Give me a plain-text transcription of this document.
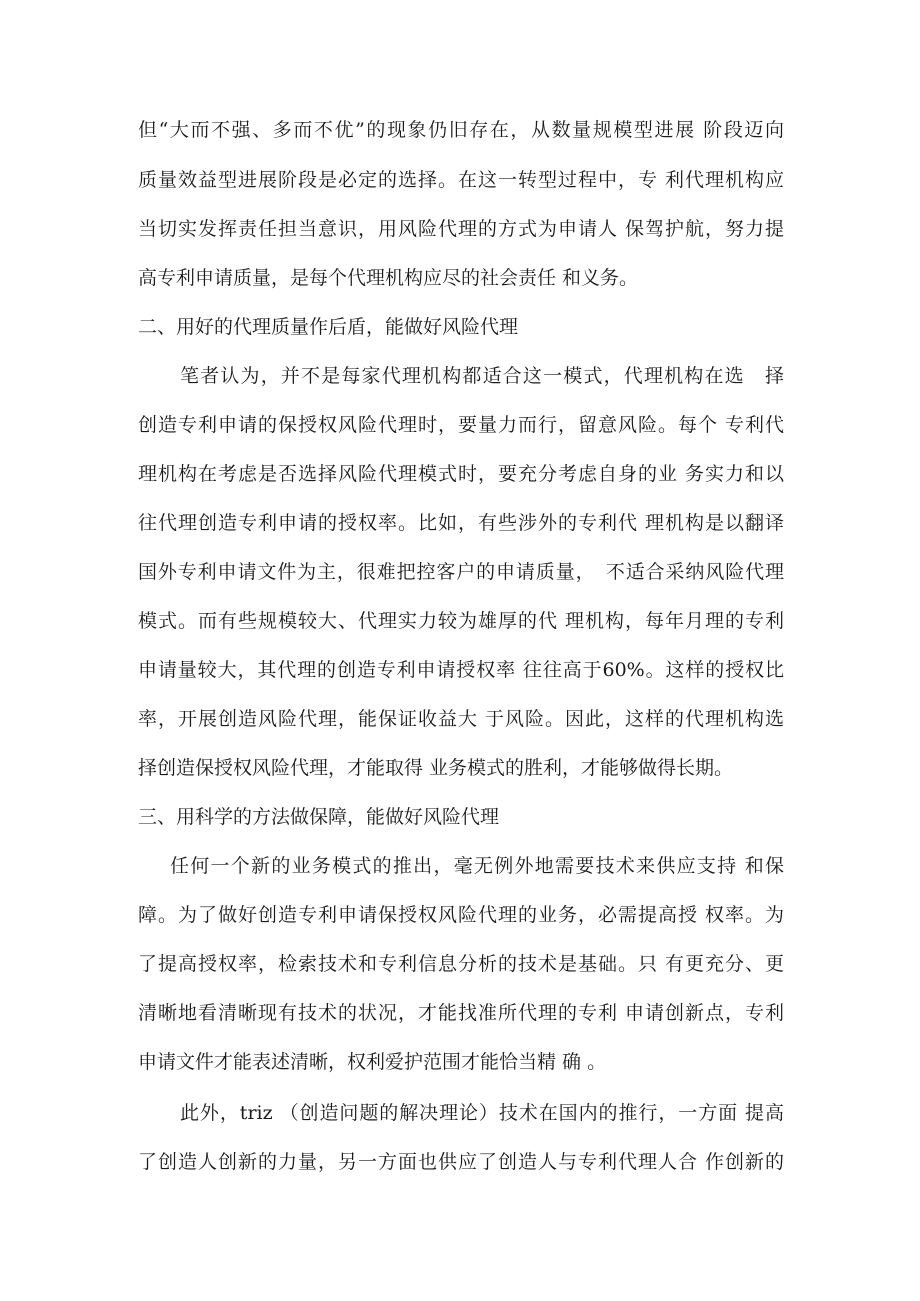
但“大而不强、多而不优”的现象仍旧存在，从数量规模型进展 阶段迈向
质量效益型进展阶段是必定的选择。在这一转型过程中，专 利代理机构应
当切实发挥责任担当意识，用风险代理的方式为申请人 保驾护航，努力提
高专利申请质量，是每个代理机构应尽的社会责任 和义务。
二、用好的代理质量作后盾，能做好风险代理
笔者认为，并不是每家代理机构都适合这一模式，代理机构在选　择
创造专利申请的保授权风险代理时，要量力而行，留意风险。每个 专利代
理机构在考虑是否选择风险代理模式时，要充分考虑自身的业 务实力和以
往代理创造专利申请的授权率。比如，有些涉外的专利代 理机构是以翻译
国外专利申请文件为主，很难把控客户的申请质量，　不适合采纳风险代理
模式。而有些规模较大、代理实力较为雄厚的代 理机构，每年月理的专利
申请量较大，其代理的创造专利申请授权率 往往高于60%。这样的授权比
率，开展创造风险代理，能保证收益大 于风险。因此，这样的代理机构选
择创造保授权风险代理，才能取得 业务模式的胜利，才能够做得长期。
三、用科学的方法做保障，能做好风险代理
任何一个新的业务模式的推出，毫无例外地需要技术来供应支持 和保
障。为了做好创造专利申请保授权风险代理的业务，必需提高授 权率。为
了提高授权率，检索技术和专利信息分析的技术是基础。只 有更充分、更
清晰地看清晰现有技术的状况，才能找准所代理的专利 申请创新点，专利
申请文件才能表述清晰，权利爱护范围才能恰当精 确 。
此外，triz （创造问题的解决理论）技术在国内的推行，一方面 提高
了创造人创新的力量，另一方面也供应了创造人与专利代理人合 作创新的
